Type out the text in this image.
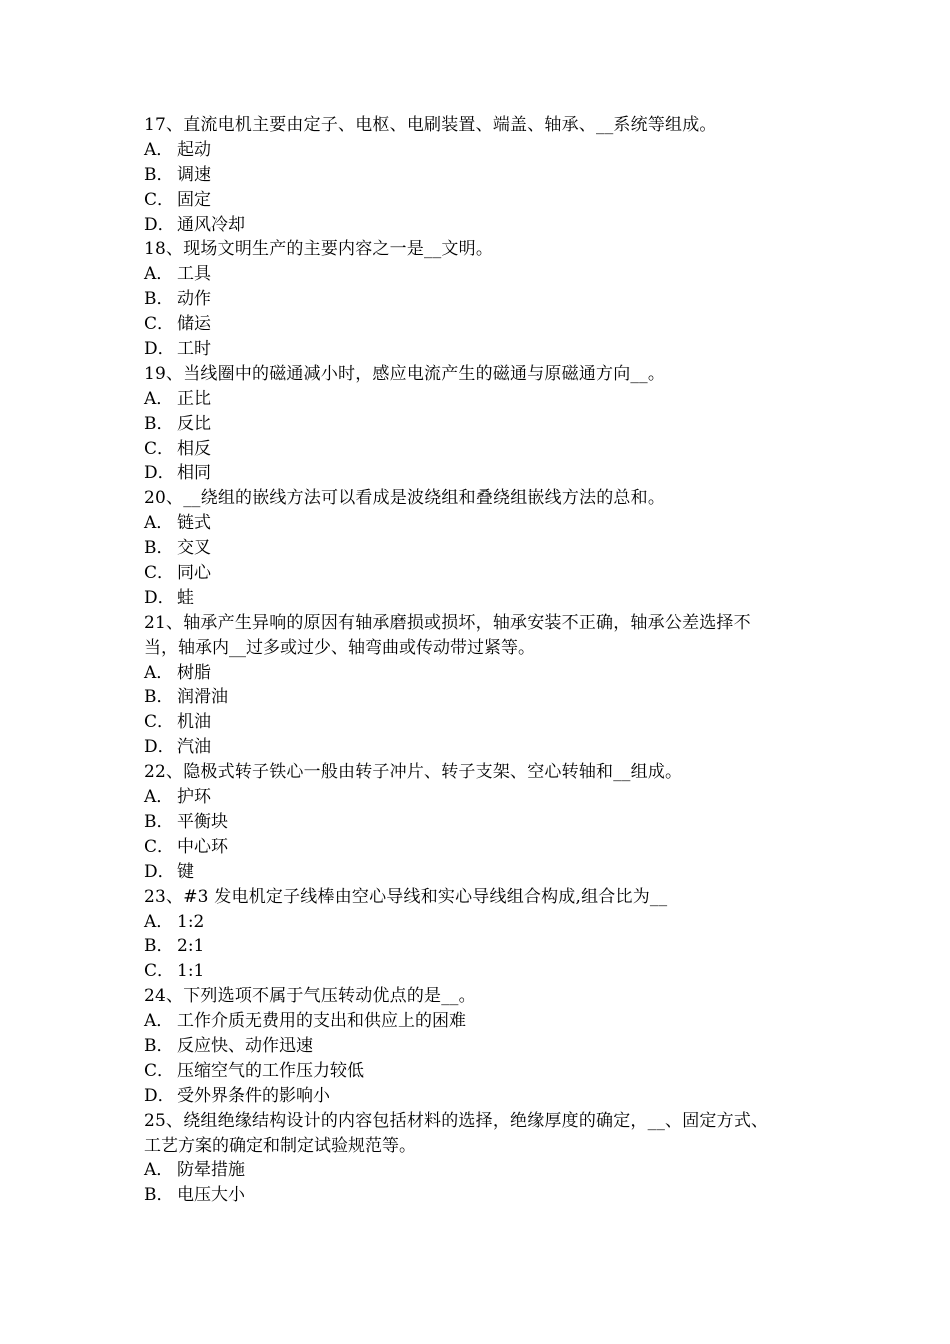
17、直流电机主要由定子、电枢、电刷装置、端盖、轴承、__系统等组成。
A． 起动
B． 调速
C． 固定
D． 通风冷却
18、现场文明生产的主要内容之一是__文明。
A． 工具
B． 动作
C． 储运
D． 工时
19、当线圈中的磁通减小时，感应电流产生的磁通与原磁通方向__。
A． 正比
B． 反比
C． 相反
D． 相同
20、__绕组的嵌线方法可以看成是波绕组和叠绕组嵌线方法的总和。
A． 链式
B． 交叉
C． 同心
D． 蛙
21、轴承产生异响的原因有轴承磨损或损坏，轴承安装不正确，轴承公差选择不
当，轴承内__过多或过少、轴弯曲或传动带过紧等。
A． 树脂
B． 润滑油
C． 机油
D． 汽油
22、隐极式转子铁心一般由转子冲片、转子支架、空心转轴和__组成。
A． 护环
B． 平衡块
C． 中心环
D． 键
23、#3 发电机定子线棒由空心导线和实心导线组合构成,组合比为__
A． 1:2
B． 2:1
C． 1:1
24、下列选项不属于气压转动优点的是__。
A． 工作介质无费用的支出和供应上的困难
B． 反应快、动作迅速
C． 压缩空气的工作压力较低
D． 受外界条件的影响小
25、绕组绝缘结构设计的内容包括材料的选择，绝缘厚度的确定，__、固定方式、
工艺方案的确定和制定试验规范等。
A． 防晕措施
B． 电压大小
